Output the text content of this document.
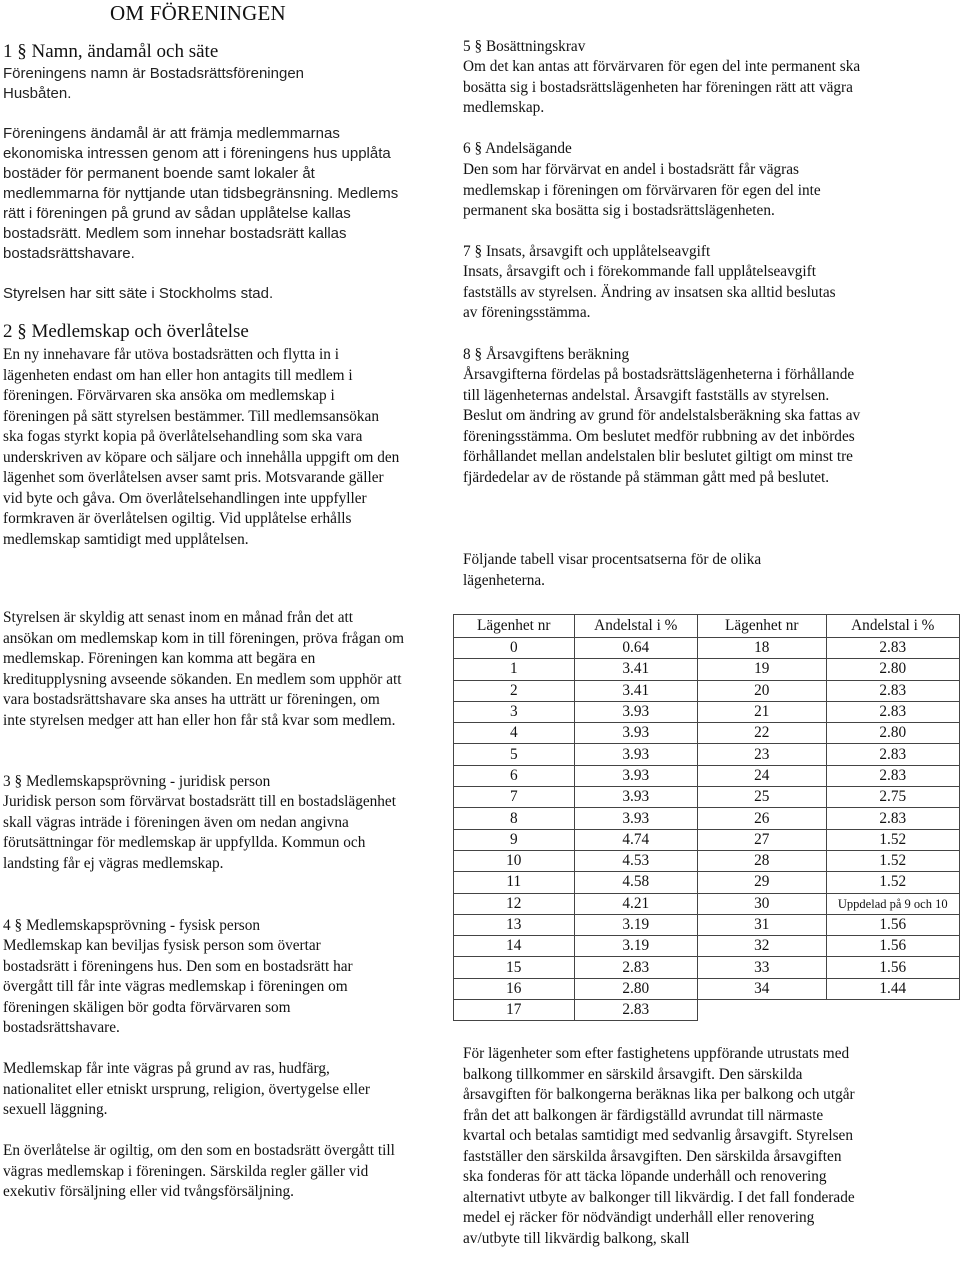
OM FÖRENINGEN

1 § Namn, ändamål och säte

Föreningens namn är Bostadsrättsföreningen Husbåten.

Föreningens ändamål är att främja medlemmarnas ekonomiska intressen genom att i föreningens hus upplåta bostäder för permanent boende samt lokaler åt medlemmarna för nyttjande utan tidsbegränsning. Medlems rätt i föreningen på grund av sådan upplåtelse kallas bostadsrätt. Medlem som innehar bostadsrätt kallas bostadsrättshavare.

Styrelsen har sitt säte i Stockholms stad.

2 § Medlemskap och överlåtelse

En ny innehavare får utöva bostadsrätten och flytta in i lägenheten endast om han eller hon antagits till medlem i föreningen. Förvärvaren ska ansöka om medlemskap i föreningen på sätt styrelsen bestämmer. Till medlemsansökan ska fogas styrkt kopia på överlåtelsehandling som ska vara underskriven av köpare och säljare och innehålla uppgift om den lägenhet som överlåtelsen avser samt pris. Motsvarande gäller vid byte och gåva. Om överlåtelsehandlingen inte uppfyller formkraven är överlåtelsen ogiltig. Vid upplåtelse erhålls medlemskap samtidigt med upplåtelsen.

Styrelsen är skyldig att senast inom en månad från det att ansökan om medlemskap kom in till föreningen, pröva frågan om medlemskap. Föreningen kan komma att begära en kreditupplysning avseende sökanden. En medlem som upphör att vara bostadsrättshavare ska anses ha utträtt ur föreningen, om inte styrelsen medger att han eller hon får stå kvar som medlem.

3 § Medlemskapsprövning - juridisk person

Juridisk person som förvärvat bostadsrätt till en bostadslägenhet skall vägras inträde i föreningen även om nedan angivna förutsättningar för medlemskap är uppfyllda. Kommun och landsting får ej vägras medlemskap.

4 § Medlemskapsprövning - fysisk person

Medlemskap kan beviljas fysisk person som övertar bostadsrätt i föreningens hus. Den som en bostadsrätt har övergått till får inte vägras medlemskap i föreningen om föreningen skäligen bör godta förvärvaren som bostadsrättshavare.

Medlemskap får inte vägras på grund av ras, hudfärg, nationalitet eller etniskt ursprung, religion, övertygelse eller sexuell läggning.

En överlåtelse är ogiltig, om den som en bostadsrätt övergått till vägras medlemskap i föreningen. Särskilda regler gäller vid exekutiv försäljning eller vid tvångsförsäljning.

5 § Bosättningskrav

Om det kan antas att förvärvaren för egen del inte permanent ska bosätta sig i bostadsrättslägenheten har föreningen rätt att vägra medlemskap.

6 § Andelsägande

Den som har förvärvat en andel i bostadsrätt får vägras medlemskap i föreningen om förvärvaren för egen del inte permanent ska bosätta sig i bostadsrättslägenheten.

7 § Insats, årsavgift och upplåtelseavgift

Insats, årsavgift och i förekommande fall upplåtelseavgift fastställs av styrelsen. Ändring av insatsen ska alltid beslutas av föreningsstämma.

8 § Årsavgiftens beräkning

Årsavgifterna fördelas på bostadsrättslägenheterna i förhållande till lägenheternas andelstal. Årsavgift fastställs av styrelsen. Beslut om ändring av grund för andelstalsberäkning ska fattas av föreningsstämma. Om beslutet medför rubbning av det inbördes förhållandet mellan andelstalen blir beslutet giltigt om minst tre fjärdedelar av de röstande på stämman gått med på beslutet.

Följande tabell visar procentsatserna för de olika lägenheterna.

För lägenheter som efter fastighetens uppförande utrustats med balkong tillkommer en särskild årsavgift. Den särskilda årsavgiften för balkongerna beräknas lika per balkong och utgår från det att balkongen är färdigställd avrundat till närmaste kvartal och betalas samtidigt med sedvanlig årsavgift. Styrelsen fastställer den särskilda årsavgiften. Den särskilda årsavgiften ska fonderas för att täcka löpande underhåll och renovering alternativt utbyte av balkonger till likvärdig. I det fall fonderade medel ej räcker för nödvändigt underhåll eller renovering av/utbyte till likvärdig balkong, skall

Lägenhet nr	Andelstal i %	Lägenhet nr	Andelstal i %
0	0.64	18	2.83
1	3.41	19	2.80
2	3.41	20	2.83
3	3.93	21	2.83
4	3.93	22	2.80
5	3.93	23	2.83
6	3.93	24	2.83
7	3.93	25	2.75
8	3.93	26	2.83
9	4.74	27	1.52
10	4.53	28	1.52
11	4.58	29	1.52
12	4.21	30	Uppdelad på 9 och 10
13	3.19	31	1.56
14	3.19	32	1.56
15	2.83	33	1.56
16	2.80	34	1.44
17	2.83		
